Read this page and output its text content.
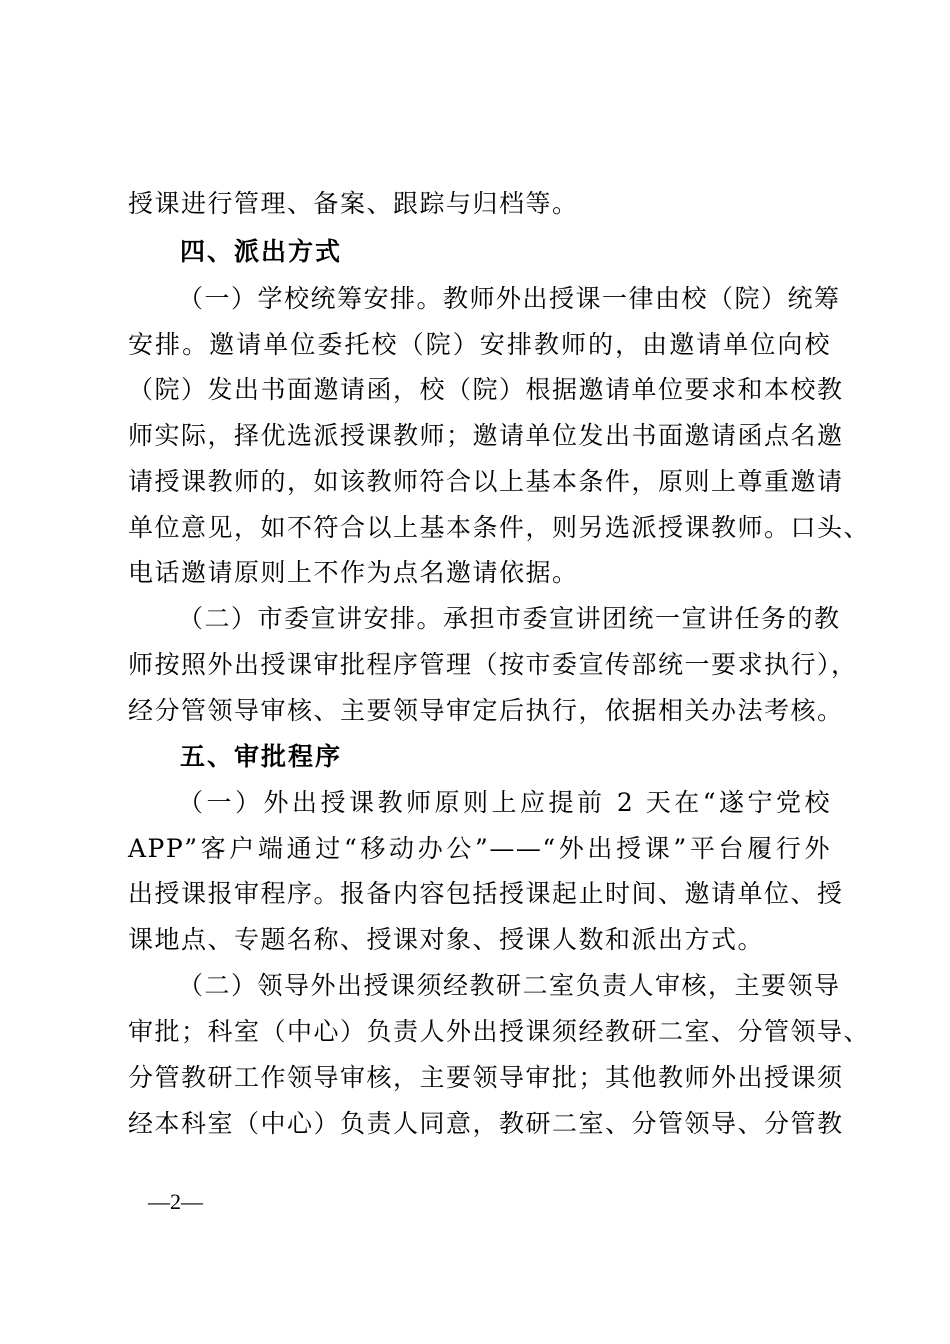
授课进行管理、备案、跟踪与归档等。
四、派出方式
（一）学校统筹安排。教师外出授课一律由校（院）统筹
安排。邀请单位委托校（院）安排教师的，由邀请单位向校
（院）发出书面邀请函，校（院）根据邀请单位要求和本校教
师实际，择优选派授课教师；邀请单位发出书面邀请函点名邀
请授课教师的，如该教师符合以上基本条件，原则上尊重邀请
单位意见，如不符合以上基本条件，则另选派授课教师。口头、
电话邀请原则上不作为点名邀请依据。
（二）市委宣讲安排。承担市委宣讲团统一宣讲任务的教
师按照外出授课审批程序管理（按市委宣传部统一要求执行），
经分管领导审核、主要领导审定后执行，依据相关办法考核。
五、审批程序
（一）外出授课教师原则上应提前 2 天在“遂宁党校
APP”客户端通过“移动办公”——“外出授课”平台履行外
出授课报审程序。报备内容包括授课起止时间、邀请单位、授
课地点、专题名称、授课对象、授课人数和派出方式。
（二）领导外出授课须经教研二室负责人审核，主要领导
审批；科室（中心）负责人外出授课须经教研二室、分管领导、
分管教研工作领导审核，主要领导审批；其他教师外出授课须
经本科室（中心）负责人同意，教研二室、分管领导、分管教
—2—
